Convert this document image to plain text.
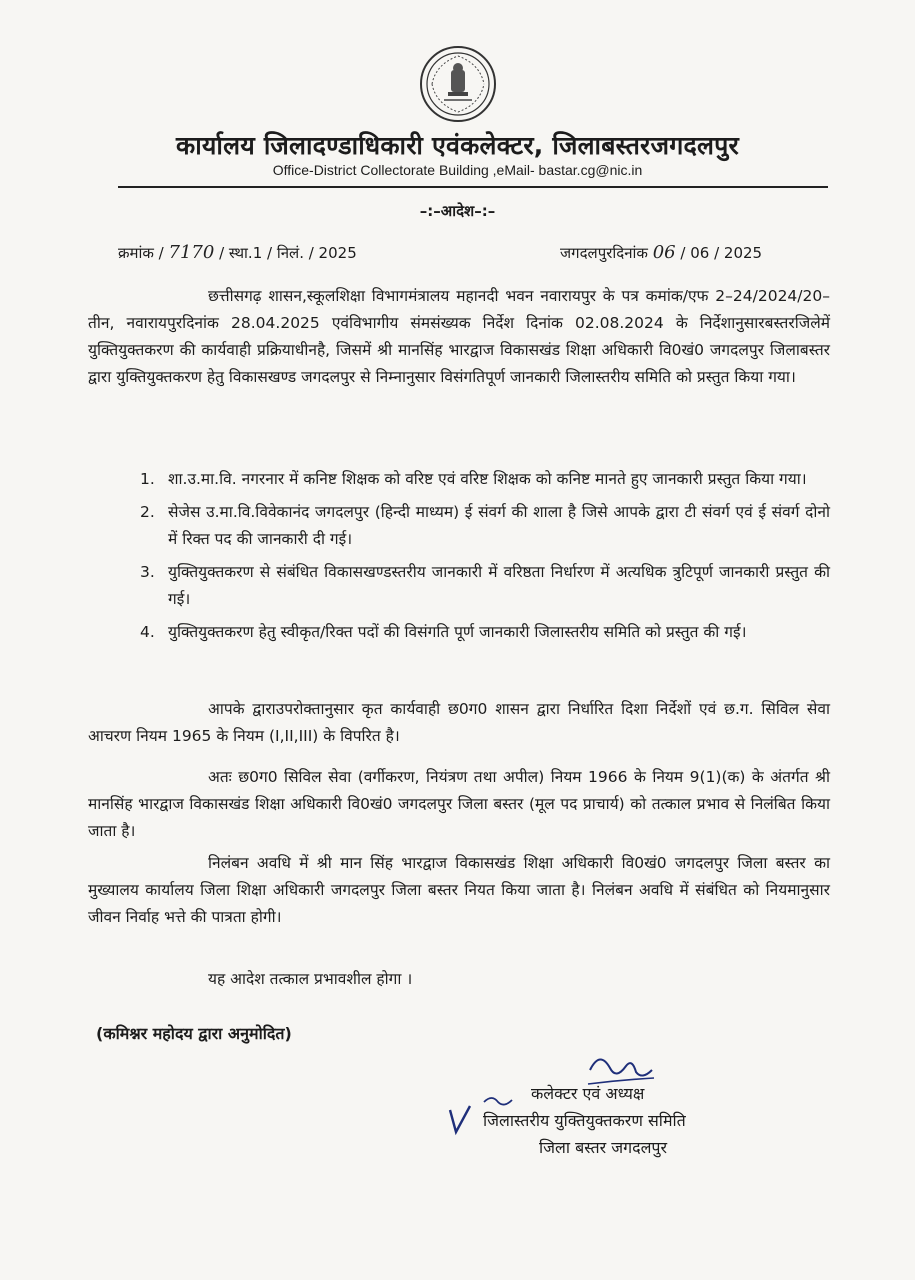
कार्यालय जिलादण्डाधिकारी एवंकलेक्टर, जिलाबस्तरजगदलपुर
Office-District Collectorate Building ,eMail- bastar.cg@nic.in
–:–आदेश–:–
क्रमांक / 7170 / स्था.1 / निलं. / 2025	जगदलपुरदिनांक 06 / 06 / 2025

छत्तीसगढ़ शासन,स्कूलशिक्षा विभागमंत्रालय महानदी भवन नवारायपुर के पत्र कमांक/एफ 2–24/2024/20–तीन, नवारायपुरदिनांक 28.04.2025 एवंविभागीय संमसंख्यक निर्देश दिनांक 02.08.2024 के निर्देशानुसारबस्तरजिलेमें युक्तियुक्तकरण की कार्यवाही प्रक्रियाधीनहै, जिसमें श्री मानसिंह भारद्वाज विकासखंड शिक्षा अधिकारी वि0खं0 जगदलपुर जिलाबस्तर द्वारा युक्तियुक्तकरण हेतु विकासखण्ड जगदलपुर से निम्नानुसार विसंगतिपूर्ण जानकारी जिलास्तरीय समिति को प्रस्तुत किया गया।

1. शा.उ.मा.वि. नगरनार में कनिष्ट शिक्षक को वरिष्ट एवं वरिष्ट शिक्षक को कनिष्ट मानते हुए जानकारी प्रस्तुत किया गया।
2. सेजेस उ.मा.वि.विवेकानंद जगदलपुर (हिन्दी माध्यम) ई संवर्ग की शाला है जिसे आपके द्वारा टी संवर्ग एवं ई संवर्ग दोनो में रिक्त पद की जानकारी दी गई।
3. युक्तियुक्तकरण से संबंधित विकासखण्डस्तरीय जानकारी में वरिष्ठता निर्धारण में अत्यधिक त्रुटिपूर्ण जानकारी प्रस्तुत की गई।
4. युक्तियुक्तकरण हेतु स्वीकृत/रिक्त पदों की विसंगति पूर्ण जानकारी जिलास्तरीय समिति को प्रस्तुत की गई।

आपके द्वाराउपरोक्तानुसार कृत कार्यवाही छ0ग0 शासन द्वारा निर्धारित दिशा निर्देशों एवं छ.ग. सिविल सेवा आचरण नियम 1965 के नियम (I,II,III) के विपरित है।

अतः छ0ग0 सिविल सेवा (वर्गीकरण, नियंत्रण तथा अपील) नियम 1966 के नियम 9(1)(क) के अंतर्गत श्री मानसिंह भारद्वाज विकासखंड शिक्षा अधिकारी वि0खं0 जगदलपुर जिला बस्तर (मूल पद प्राचार्य) को तत्काल प्रभाव से निलंबित किया जाता है।

निलंबन अवधि में श्री मान सिंह भारद्वाज विकासखंड शिक्षा अधिकारी वि0खं0 जगदलपुर जिला बस्तर का मुख्यालय कार्यालय जिला शिक्षा अधिकारी जगदलपुर जिला बस्तर नियत किया जाता है। निलंबन अवधि में संबंधित को नियमानुसार जीवन निर्वाह भत्ते की पात्रता होगी।

यह आदेश तत्काल प्रभावशील होगा ।

(कमिश्नर महोदय द्वारा अनुमोदित)
कलेक्टर एवं अध्यक्ष
जिलास्तरीय युक्तियुक्तकरण समिति
जिला बस्तर जगदलपुर
